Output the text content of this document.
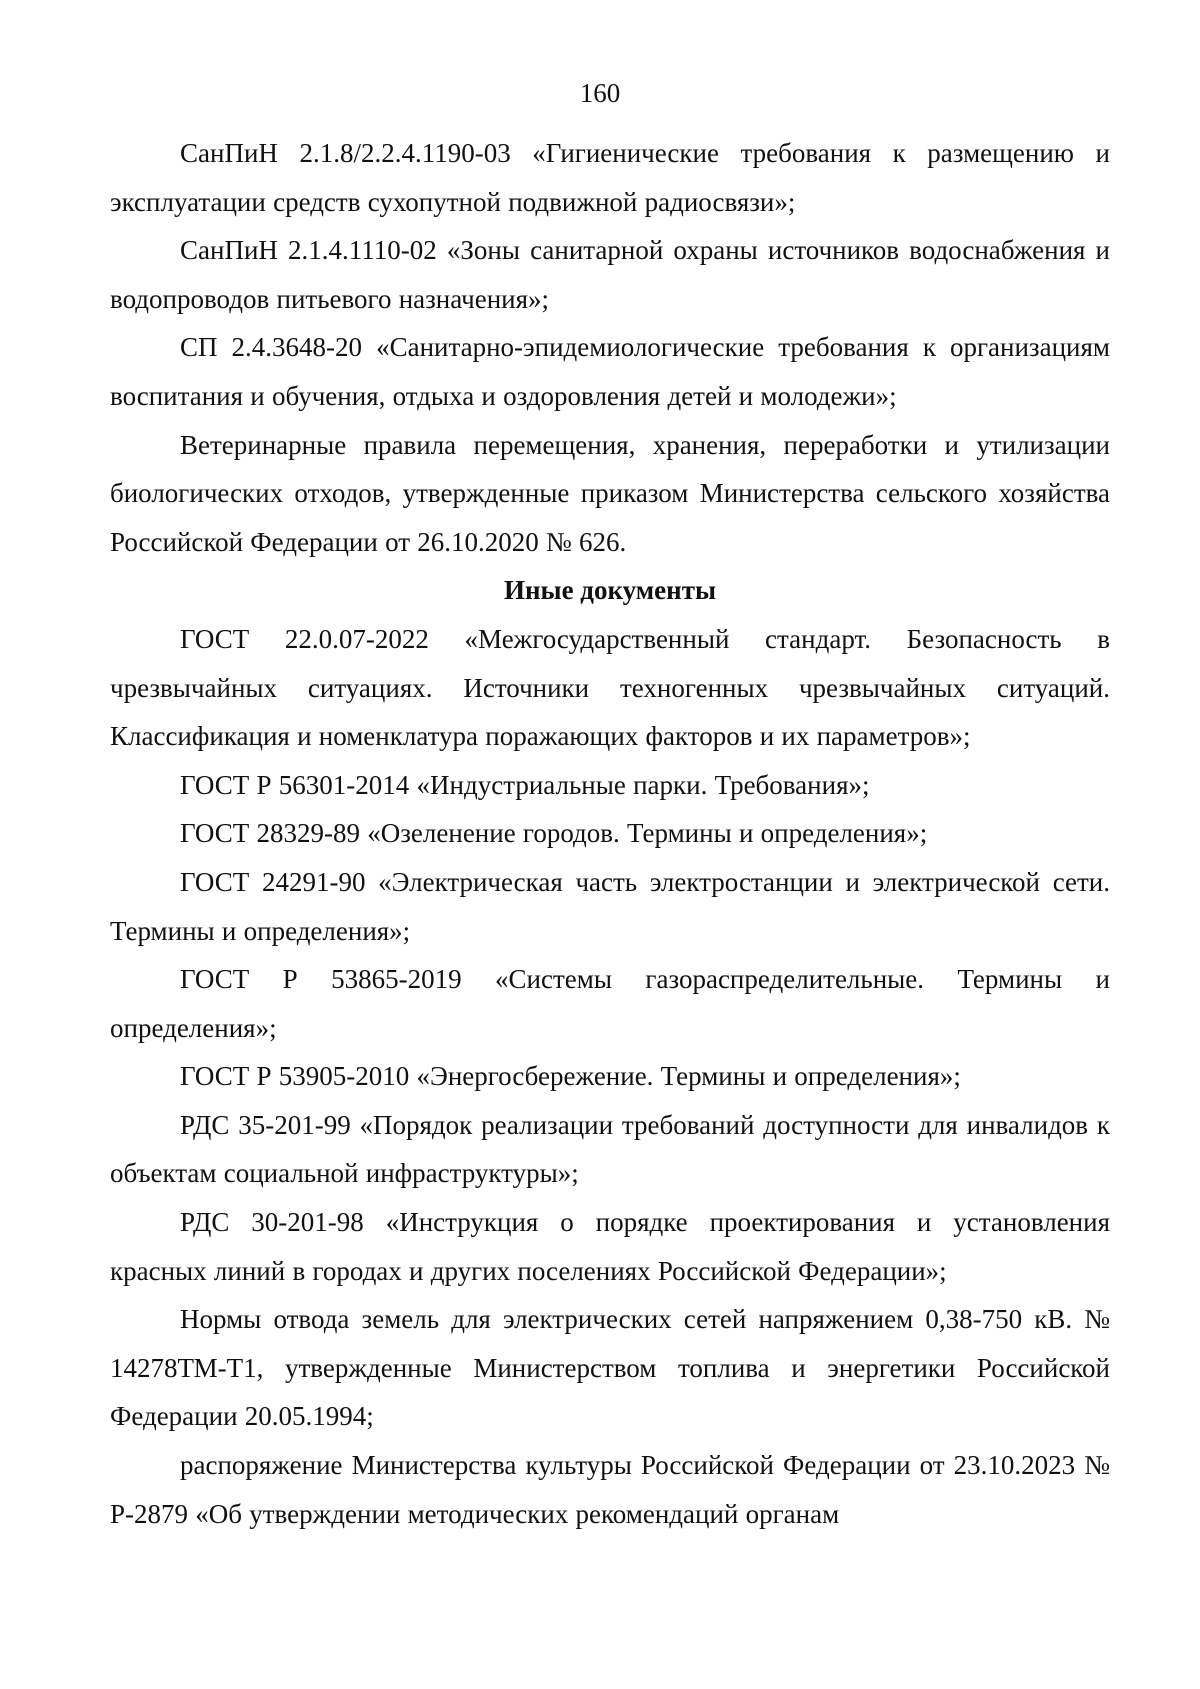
160

СанПиН 2.1.8/2.2.4.1190-03 «Гигиенические требования к размещению и эксплуатации средств сухопутной подвижной радиосвязи»;

СанПиН 2.1.4.1110-02 «Зоны санитарной охраны источников водоснабжения и водопроводов питьевого назначения»;

СП 2.4.3648-20 «Санитарно-эпидемиологические требования к организациям воспитания и обучения, отдыха и оздоровления детей и молодежи»;

Ветеринарные правила перемещения, хранения, переработки и утилизации биологических отходов, утвержденные приказом Министерства сельского хозяйства Российской Федерации от 26.10.2020 № 626.

Иные документы

ГОСТ 22.0.07-2022 «Межгосударственный стандарт. Безопасность в чрезвычайных ситуациях. Источники техногенных чрезвычайных ситуаций. Классификация и номенклатура поражающих факторов и их параметров»;

ГОСТ Р 56301-2014 «Индустриальные парки. Требования»;

ГОСТ 28329-89 «Озеленение городов. Термины и определения»;

ГОСТ 24291-90 «Электрическая часть электростанции и электрической сети. Термины и определения»;

ГОСТ Р 53865-2019 «Системы газораспределительные. Термины и определения»;

ГОСТ Р 53905-2010 «Энергосбережение. Термины и определения»;

РДС 35-201-99 «Порядок реализации требований доступности для инвалидов к объектам социальной инфраструктуры»;

РДС 30-201-98 «Инструкция о порядке проектирования и установления красных линий в городах и других поселениях Российской Федерации»;

Нормы отвода земель для электрических сетей напряжением 0,38-750 кВ. № 14278ТМ-Т1, утвержденные Министерством топлива и энергетики Российской Федерации 20.05.1994;

распоряжение Министерства культуры Российской Федерации от 23.10.2023 № Р-2879 «Об утверждении методических рекомендаций органам
